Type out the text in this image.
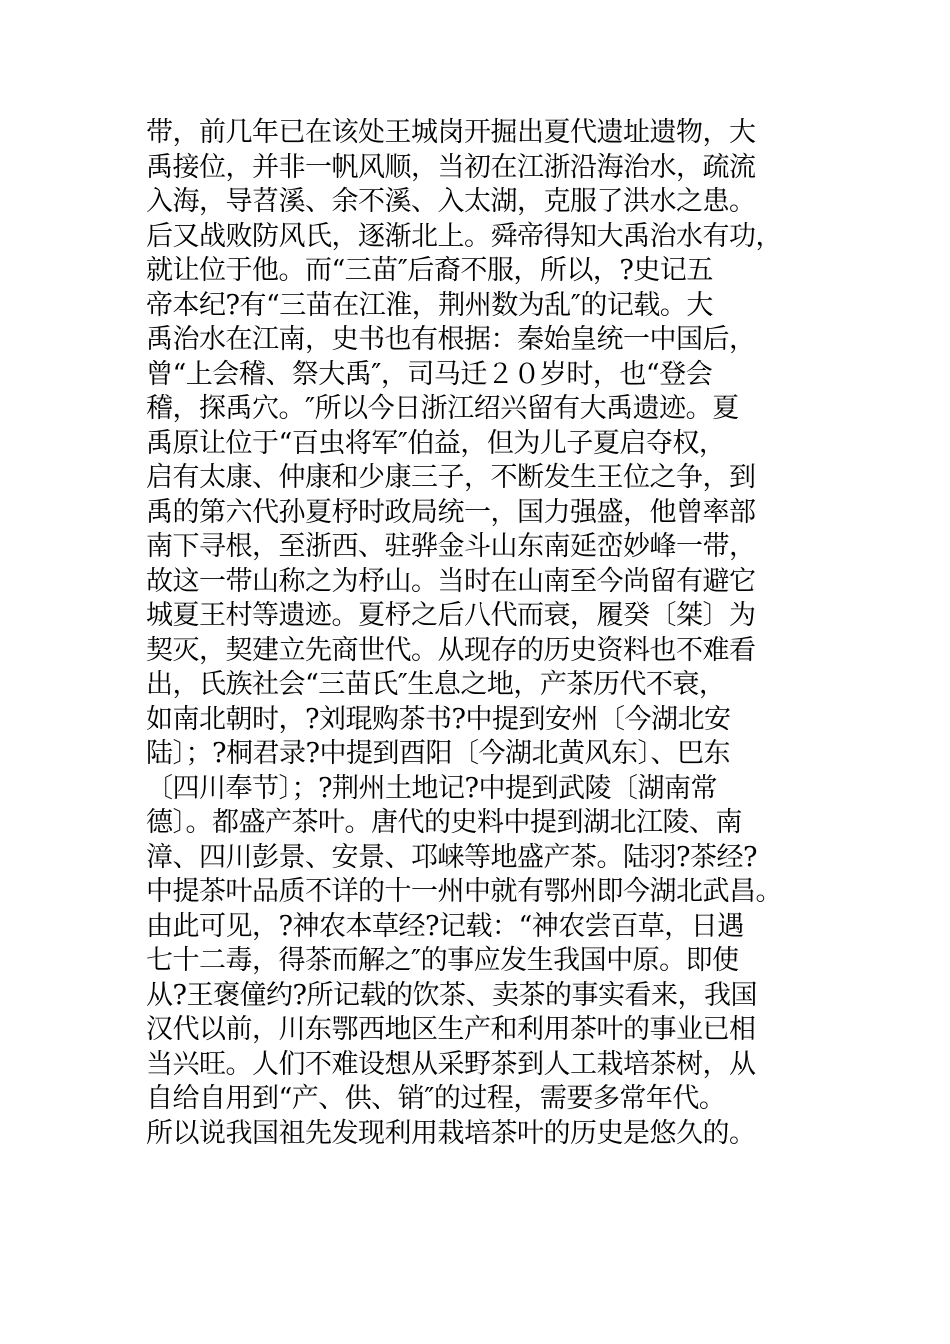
带，前几年已在该处王城岗开掘出夏代遗址遗物，大
禹接位，并非一帆风顺，当初在江浙沿海治水，疏流
入海，导苕溪、余不溪、入太湖，克服了洪水之患。
后又战败防风氏，逐渐北上。舜帝得知大禹治水有功，
就让位于他。而“三苗″后裔不服，所以，?史记五
帝本纪?有“三苗在江淮，荆州数为乱″的记载。大
禹治水在江南，史书也有根据：秦始皇统一中国后，
曾“上会稽、祭大禹″，司马迁２０岁时，也“登会
稽，探禹穴。″所以今日浙江绍兴留有大禹遗迹。夏
禹原让位于“百虫将军″伯益，但为儿子夏启夺权，
启有太康、仲康和少康三子，不断发生王位之争，到
禹的第六代孙夏杼时政局统一，国力强盛，他曾率部
南下寻根，至浙西、驻骅金斗山东南延峦妙峰一带，
故这一带山称之为杼山。当时在山南至今尚留有避它
城夏王村等遗迹。夏杼之后八代而衰，履癸〔桀〕为
契灭，契建立先商世代。从现存的历史资料也不难看
出，氏族社会“三苗氏″生息之地，产茶历代不衰，
如南北朝时，?刘琨购茶书?中提到安州〔今湖北安
陆〕；?桐君录?中提到酉阳〔今湖北黄风东〕、巴东
〔四川奉节〕；?荆州土地记?中提到武陵〔湖南常
德〕。都盛产茶叶。唐代的史料中提到湖北江陵、南
漳、四川彭景、安景、邛崃等地盛产茶。陆羽?茶经?
中提茶叶品质不详的十一州中就有鄂州即今湖北武昌。
由此可见，?神农本草经?记载：“神农尝百草，日遇
七十二毒，得茶而解之″的事应发生我国中原。即使
从?王褒僮约?所记载的饮茶、卖茶的事实看来，我国
汉代以前，川东鄂西地区生产和利用茶叶的事业已相
当兴旺。人们不难设想从采野茶到人工栽培茶树，从
自给自用到“产、供、销″的过程，需要多常年代。
所以说我国祖先发现利用栽培茶叶的历史是悠久的。
